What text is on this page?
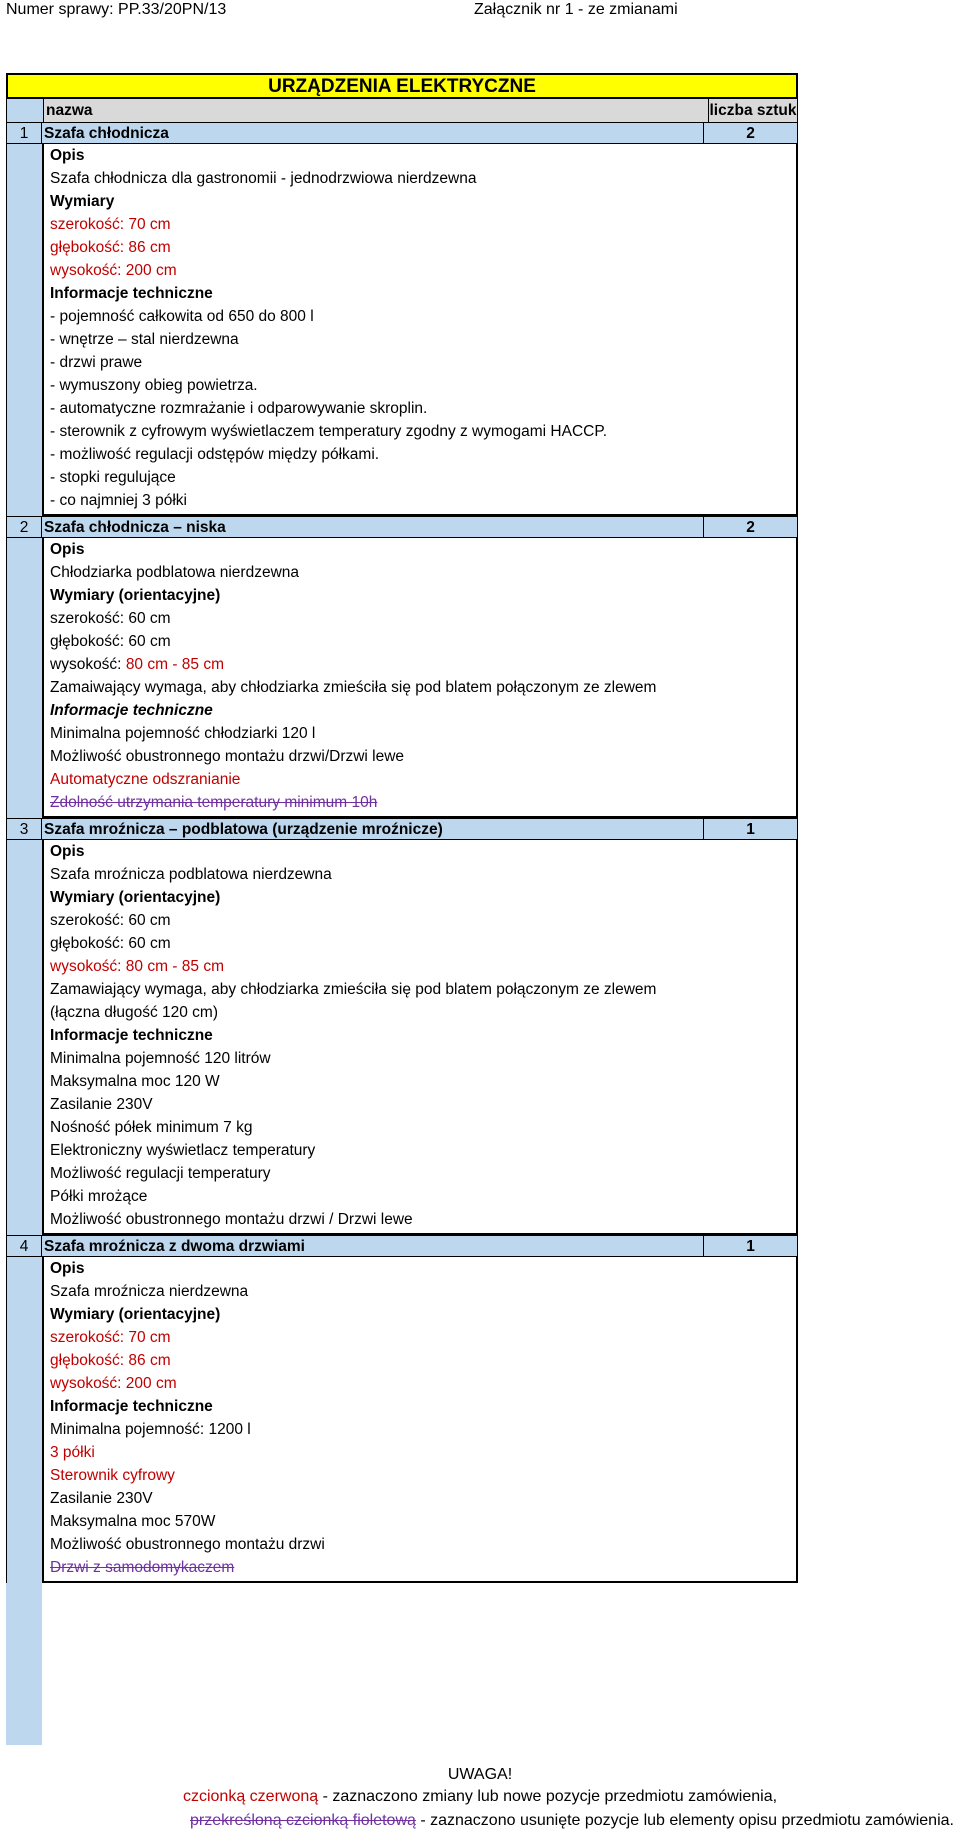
Numer sprawy: PP.33/20PN/13	Załącznik nr 1 - ze zmianami
URZĄDZENIA ELEKTRYCZNE
nazwa	liczba sztuk
1	Szafa chłodnicza	2
Opis
Szafa chłodnicza dla gastronomii - jednodrzwiowa nierdzewna
Wymiary
szerokość: 70 cm
głębokość: 86 cm
wysokość: 200 cm
Informacje techniczne
- pojemność całkowita od 650 do 800 l
- wnętrze – stal nierdzewna
- drzwi prawe
- wymuszony obieg powietrza.
- automatyczne rozmrażanie i odparowywanie skroplin.
- sterownik z cyfrowym wyświetlaczem temperatury zgodny z wymogami HACCP.
- możliwość regulacji odstępów między półkami.
- stopki regulujące
- co najmniej 3 półki
2	Szafa chłodnicza – niska	2
Opis
Chłodziarka podblatowa nierdzewna
Wymiary (orientacyjne)
szerokość: 60 cm
głębokość: 60 cm
wysokość: 80 cm - 85 cm
Zamaiwający wymaga, aby chłodziarka zmieściła się pod blatem połączonym ze zlewem
Informacje techniczne
Minimalna pojemność chłodziarki 120 l
Możliwość obustronnego montażu drzwi/Drzwi lewe
Automatyczne odszranianie
Zdolność utrzymania temperatury minimum 10h
3	Szafa mroźnicza – podblatowa (urządzenie mroźnicze)	1
Opis
Szafa mroźnicza podblatowa nierdzewna
Wymiary (orientacyjne)
szerokość: 60 cm
głębokość: 60 cm
wysokość: 80 cm - 85 cm
Zamawiający wymaga, aby chłodziarka zmieściła się pod blatem połączonym ze zlewem
(łączna długość 120 cm)
Informacje techniczne
Minimalna pojemność 120 litrów
Maksymalna moc 120 W
Zasilanie 230V
Nośność półek minimum 7 kg
Elektroniczny wyświetlacz temperatury
Możliwość regulacji temperatury
Półki mrożące
Możliwość obustronnego montażu drzwi / Drzwi lewe
4	Szafa mroźnicza z dwoma drzwiami	1
Opis
Szafa mroźnicza nierdzewna
Wymiary (orientacyjne)
szerokość: 70 cm
głębokość: 86 cm
wysokość: 200 cm
Informacje techniczne
Minimalna pojemność: 1200 l
3 półki
Sterownik cyfrowy
Zasilanie 230V
Maksymalna moc 570W
Możliwość obustronnego montażu drzwi
Drzwi z samodomykaczem
UWAGA!
czcionką czerwoną - zaznaczono zmiany lub nowe pozycje przedmiotu zamówienia,
przekreśloną czcionką fioletową - zaznaczono usunięte pozycje lub elementy opisu przedmiotu zamówienia.
